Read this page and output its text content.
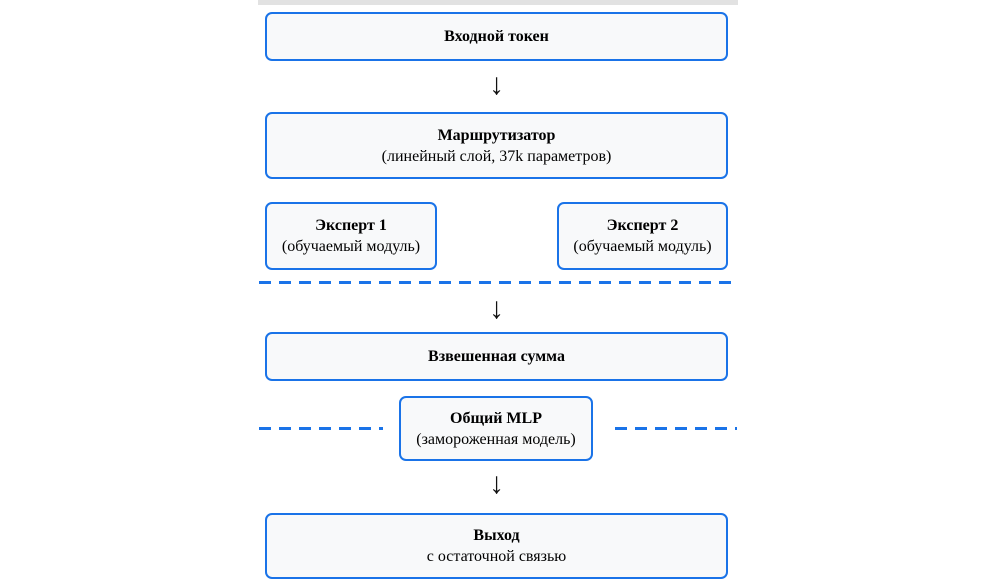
Входной токен
↓
Маршрутизатор
(линейный слой, 37k параметров)
Эксперт 1
(обучаемый модуль)
Эксперт 2
(обучаемый модуль)
↓
Взвешенная сумма
Общий MLP
(замороженная модель)
↓
Выход
с остаточной связью
